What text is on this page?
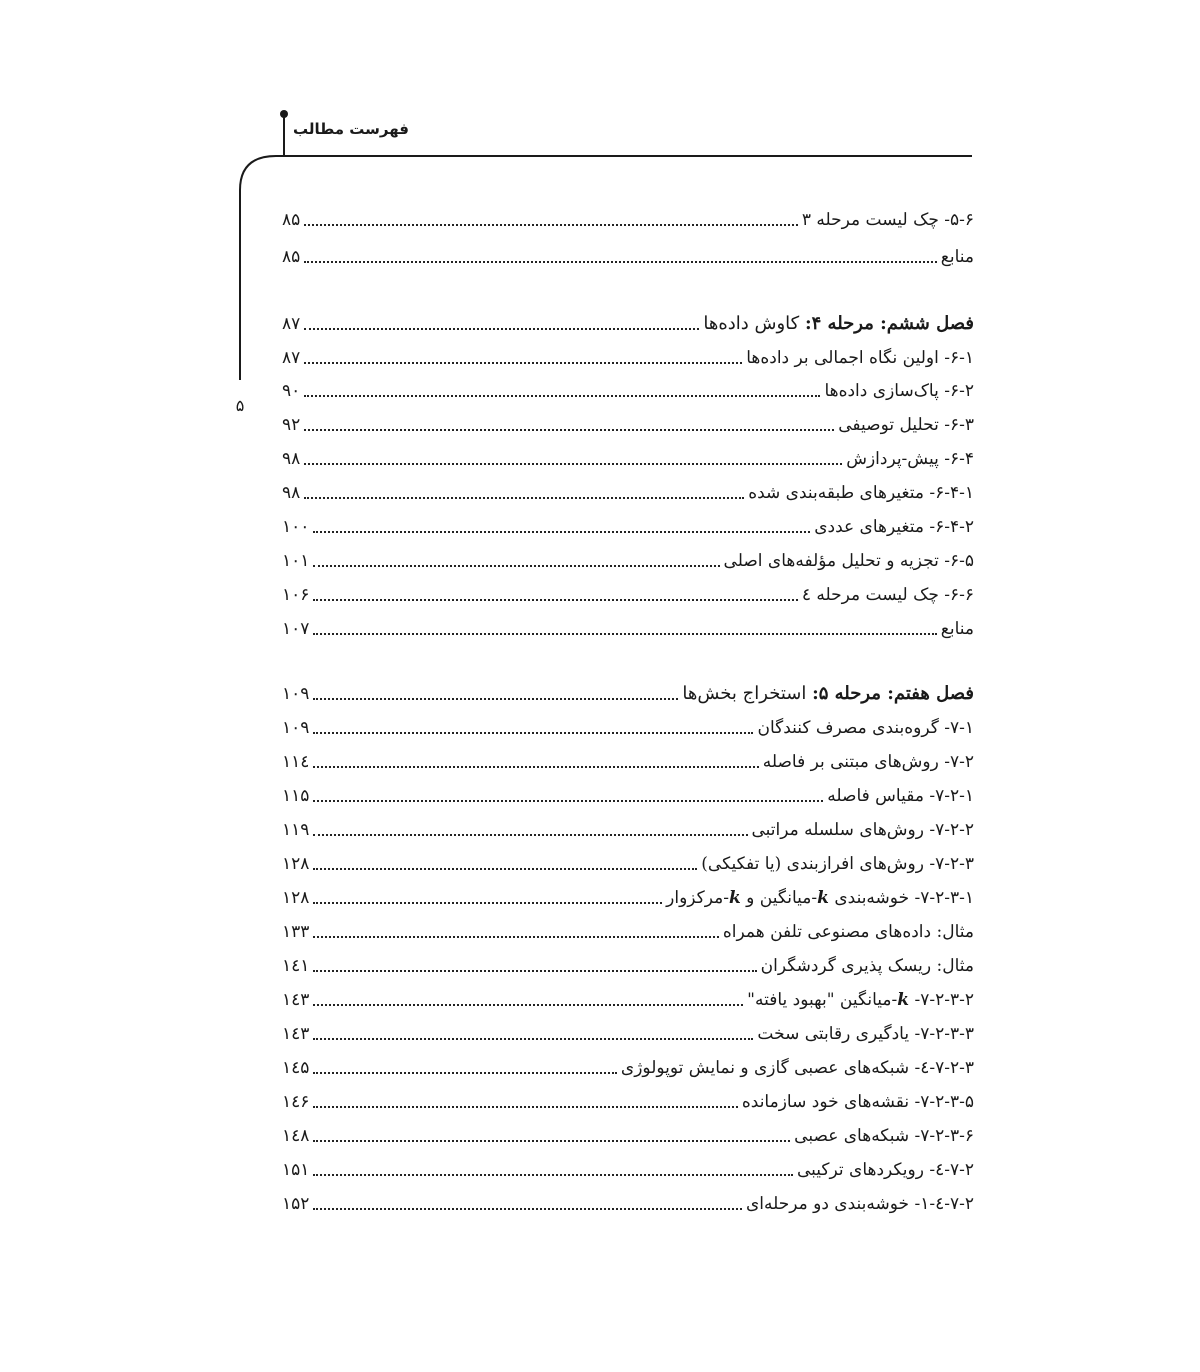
فهرست مطالب
۵
۸۵	۵-۶- چک لیست مرحله ۳
۸۵	منابع
۸۷	فصل ششم: مرحله ۴: کاوش داده‌ها
۸۷	۶-۱- اولین نگاه اجمالی بر داده‌ها
۹۰	۶-۲- پاک‌سازی داده‌ها
۹۲	۶-۳- تحلیل توصیفی
۹۸	۶-۴- پیش-پردازش
۹۸	۶-۴-۱- متغیرهای طبقه‌بندی شده
۱۰۰	۶-۴-۲- متغیرهای عددی
۱۰۱	۶-۵- تجزیه و تحلیل مؤلفه‌های اصلی
۱۰۶	۶-۶- چک لیست مرحله ٤
۱۰۷	منابع
۱۰۹	فصل هفتم: مرحله ۵: استخراج بخش‌ها
۱۰۹	۷-۱- گروه‌بندی مصرف کنندگان
۱۱٤	۷-۲- روش‌های مبتنی بر فاصله
۱۱۵	۷-۲-۱- مقیاس فاصله
۱۱۹	۷-۲-۲- روش‌های سلسله مراتبی
۱۲۸	۷-۲-۳- روش‌های افرازبندی (یا تفکیکی)
۱۲۸	۷-۲-۳-۱- خوشه‌بندی k-میانگین و k-مرکزوار
۱۳۳	مثال: داده‌های مصنوعی تلفن همراه
۱٤۱	مثال: ریسک پذیری گردشگران
۱٤۳	۷-۲-۳-۲- k-میانگین "بهبود یافته"
۱٤۳	۷-۲-۳-۳- یادگیری رقابتی سخت
۱٤۵	۷-۲-۳-٤- شبکه‌های عصبی گازی و نمایش توپولوژی
۱٤۶	۷-۲-۳-۵- نقشه‌های خود سازمانده
۱٤۸	۷-۲-۳-۶- شبکه‌های عصبی
۱۵۱	۷-۲-٤- رویکردهای ترکیبی
۱۵۲	۷-۲-٤-۱- خوشه‌بندی دو مرحله‌ای
